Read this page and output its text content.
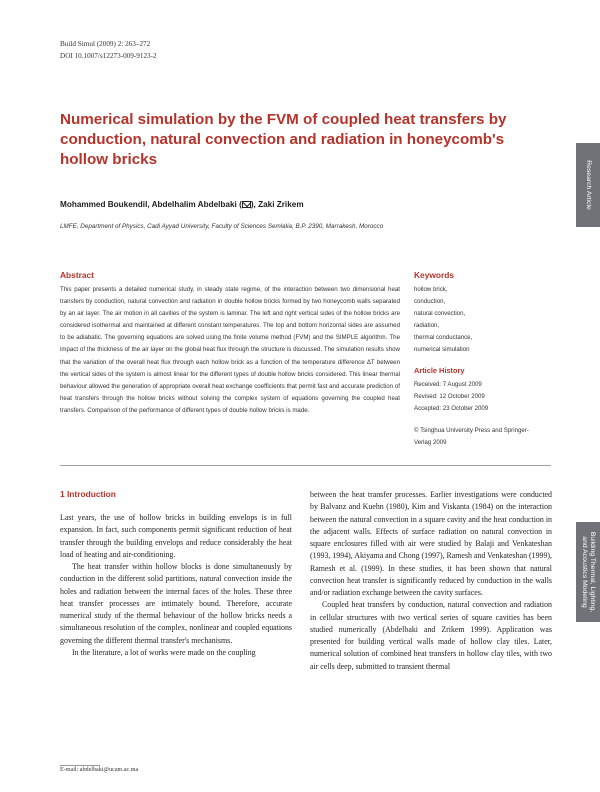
Build Simul (2009) 2: 263–272
DOI 10.1007/s12273-009-9123-2
Numerical simulation by the FVM of coupled heat transfers by conduction, natural convection and radiation in honeycomb's hollow bricks
Mohammed Boukendil, Abdelhalim Abdelbaki ( ), Zaki Zrikem
LMFE, Department of Physics, Cadi Ayyad University, Faculty of Sciences Semlalia, B.P. 2390, Marrakesh, Morocco
Abstract
This paper presents a detailed numerical study, in steady state regime, of the interaction between two dimensional heat transfers by conduction, natural convection and radiation in double hollow bricks formed by two honeycomb walls separated by an air layer. The air motion in all cavities of the system is laminar. The left and right vertical sides of the hollow bricks are considered isothermal and maintained at different constant temperatures. The top and bottom horizontal sides are assumed to be adiabatic. The governing equations are solved using the finite volume method (FVM) and the SIMPLE algorithm. The impact of the thickness of the air layer on the global heat flux through the structure is discussed. The simulation results show that the variation of the overall heat flux through each hollow brick as a function of the temperature difference ΔT between the vertical sides of the system is almost linear for the different types of double hollow bricks considered. This linear thermal behaviour allowed the generation of appropriate overall heat exchange coefficients that permit fast and accurate prediction of heat transfers through the hollow bricks without solving the complex system of equations governing the coupled heat transfers. Comparison of the performance of different types of double hollow bricks is made.
Keywords
hollow brick,
conduction,
natural convection,
radiation,
thermal conductance,
numerical simulation
Article History
Received: 7 August 2009
Revised: 12 October 2009
Accepted: 23 October 2009
© Tsinghua University Press and Springer-Verlag 2009
1 Introduction

Last years, the use of hollow bricks in building envelops is in full expansion. In fact, such components permit significant reduction of heat transfer through the building envelops and reduce considerably the heat load of heating and air-conditioning.

The heat transfer within hollow blocks is done simultaneously by conduction in the different solid partitions, natural convection inside the holes and radiation between the internal faces of the holes. These three heat transfer processes are intimately bound. Therefore, accurate numerical study of the thermal behaviour of the hollow bricks needs a simultaneous resolution of the complex, nonlinear and coupled equations governing the different thermal transfer's mechanisms.

In the literature, a lot of works were made on the coupling

between the heat transfer processes. Earlier investigations were conducted by Balvanz and Kuehn (1980), Kim and Viskanta (1984) on the interaction between the natural convection in a square cavity and the heat conduction in the adjacent walls. Effects of surface radiation on natural convection in square enclosures filled with air were studied by Balaji and Venkateshan (1993, 1994), Akiyama and Chong (1997), Ramesh and Venkateshan (1999), Ramesh et al. (1999). In these studies, it has been shown that natural convection heat transfer is significantly reduced by conduction in the walls and/or radiation exchange between the cavity surfaces.

Coupled heat transfers by conduction, natural convection and radiation in cellular structures with two vertical series of square cavities has been studied numerically (Abdelbaki and Zrikem 1999). Application was presented for building vertical walls made of hollow clay tiles. Later, numerical solution of combined heat transfers in hollow clay tiles, with two air cells deep, submitted to transient thermal

E-mail: abdelbaki@ucam.ac.ma
Research Article
Building Thermal, Lighting,
and Acoustics Modeling
